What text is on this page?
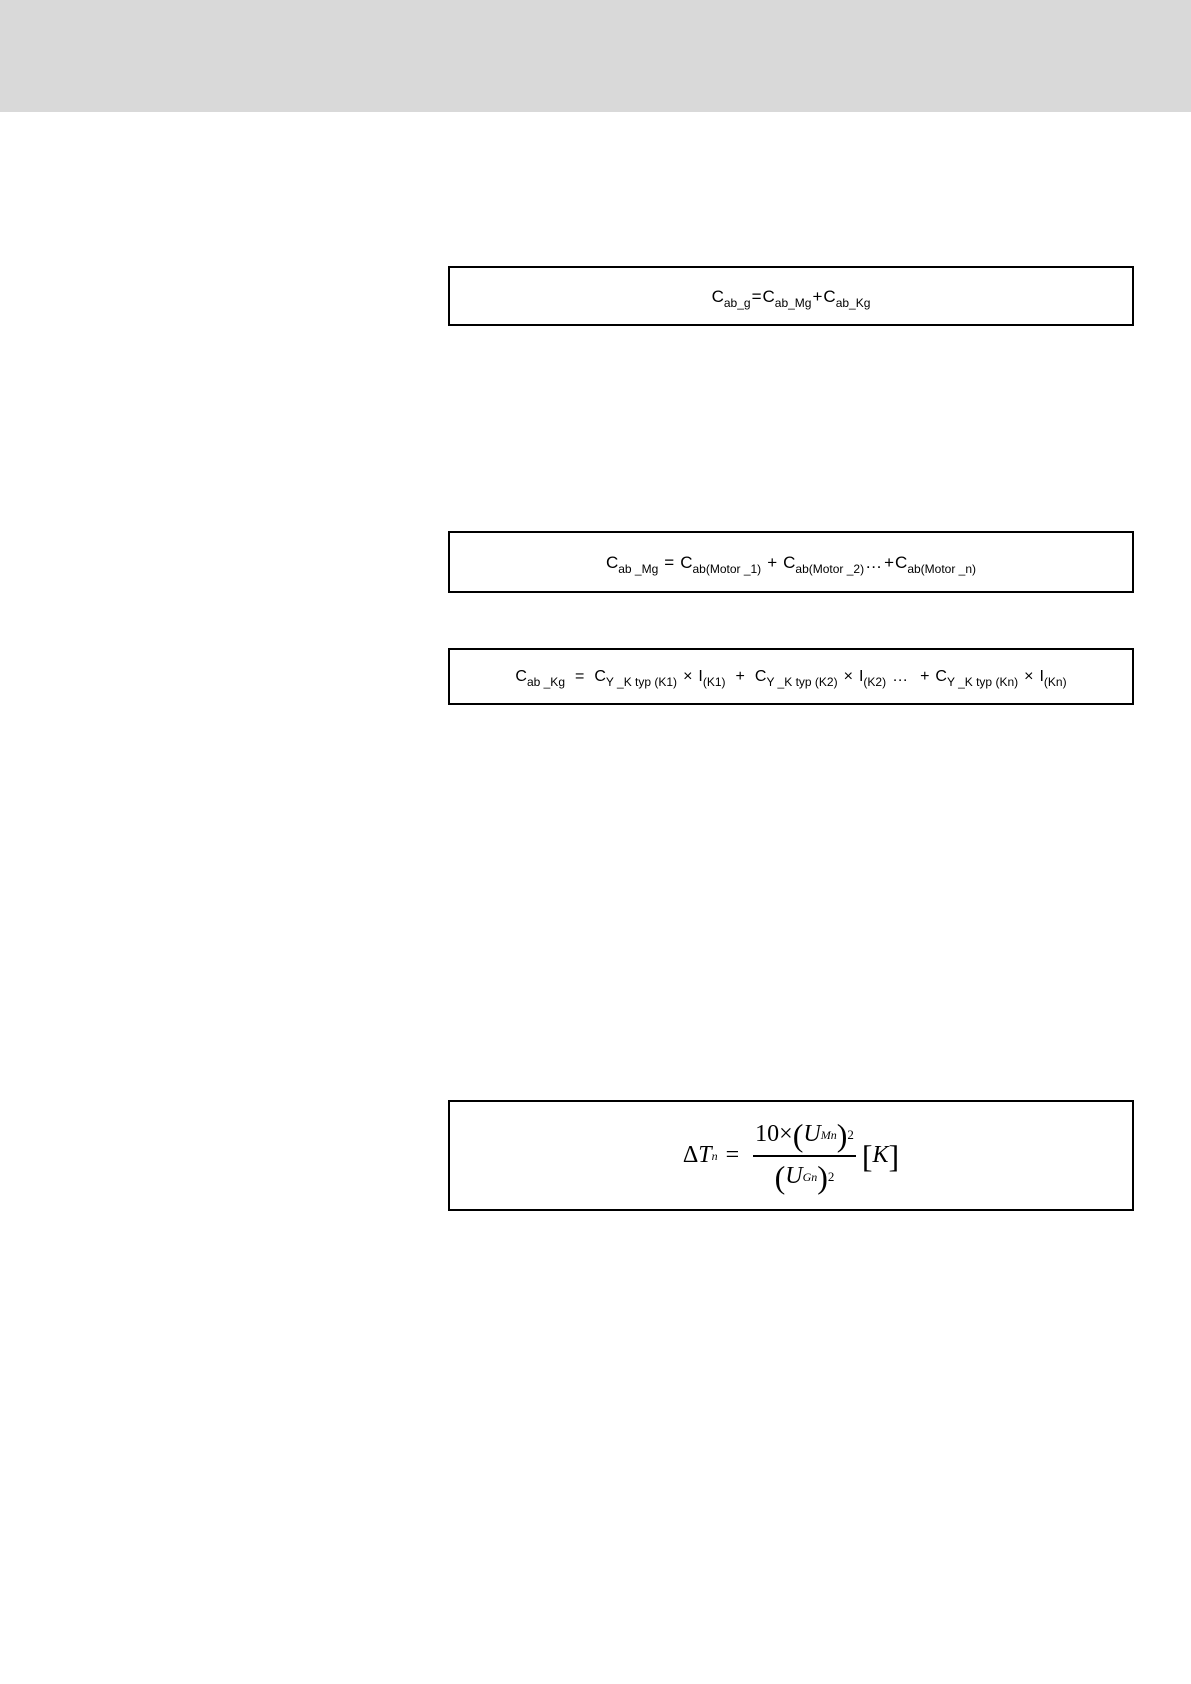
$C_{ab\_g}=C_{ab\_Mg}+C_{ab\_Kg}$
$C_{ab \_Mg} = C_{ab(Motor \_1)}$ + $C_{ab(Motor \_2)}\dots +C_{ab(Motor \_n)}$
$C_{ab \_Kg} = C_{Y \_K typ (K1)} \times I_{(K1)} + C_{Y \_K typ (K2)} \times I_{(K2)}$ … + $C_{Y \_K typ (Kn)} \times I_{(Kn)}$
Δ T $n = \frac{\text{10× ( U Mn ) 2}}{\text{( U Gn ) 2}}$ [ K ]
